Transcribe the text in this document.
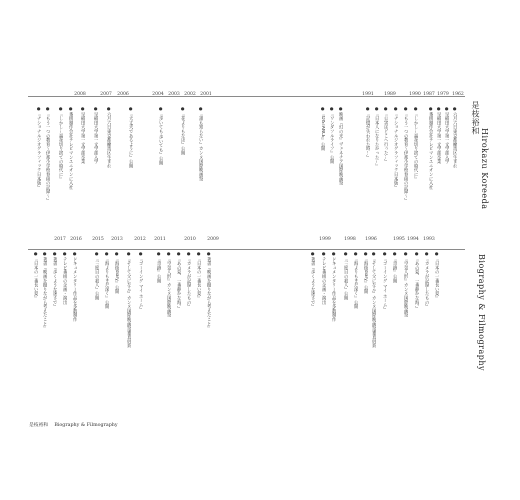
是枝裕和
Hirokazu Koreeda
Biography & Filmography
1962
1979
1987
1990
1989
1991
2001
2002
2003
2004
2006
2007
2008
●六月六日東京都練馬区生まれ
●早稲田大学第一文学部入学
●早稲田大学第一文学部卒業
●番組制作会社テレビマンユニオンに入社
●『しかし…福祉切り捨ての時代に』
●『もう一つの教育～伊那小学校春組の記録～』
●『ナショナルジオグラフィック日本版』
●『公害はどこへ行った…』
●『日本人になりたかった…』
●『記憶が失われた時…』
●映画『幻の光』ヴェネチア国際映画祭
●『ワンダフルライフ』公開
●『DISTANCE』公開
●『誰も知らない』カンヌ国際映画祭
●『花よりもなほ』公開
●『歩いても 歩いても』公開
●『大丈夫であるように』公開
●六月六日東京都練馬区生まれ
●早稲田大学第一文学部入学
●早稲田大学第一文学部卒業
●番組制作会社テレビマンユニオンに入社
●『しかし…福祉切り捨ての時代に』
●『もう一つの教育～伊那小学校春組の記録～』
●『ナショナルジオグラフィック日本版』
1993
1994
1995
1996
1998
1999
2009
2010
2011
2012
2013
2015
2016
2017
●『日本の一番長い夏』
●『カメラが記録したもの』
●『あの夏、一番静かな海。』
●『空気人形』カンヌ国際映画祭
●『奇跡』公開
●『ゴーイング マイ ホーム』
●『そして父になる』カンヌ国際映画祭審査員賞
●『海街diary』公開
●『海よりもまだ深く』公開
●『三度目の殺人』公開
●ドキュメンタリー作品を多数制作
●テレビ番組の企画・演出
●著書『歩くような速さで』
●著書『映画を撮りながら考えたこと』
●『日本の一番長い夏』
●『カメラが記録したもの』
●『あの夏、一番静かな海。』
●『空気人形』カンヌ国際映画祭
●『奇跡』公開
●『ゴーイング マイ ホーム』
●『そして父になる』カンヌ国際映画祭審査員賞
●『海街diary』公開
●『海よりもまだ深く』公開
●『三度目の殺人』公開
●ドキュメンタリー作品を多数制作
●テレビ番組の企画・演出
●著書『歩くような速さで』
●著書『映画を撮りながら考えたこと』
●『日本の一番長い夏』
是枝裕和 Biography & Filmography
